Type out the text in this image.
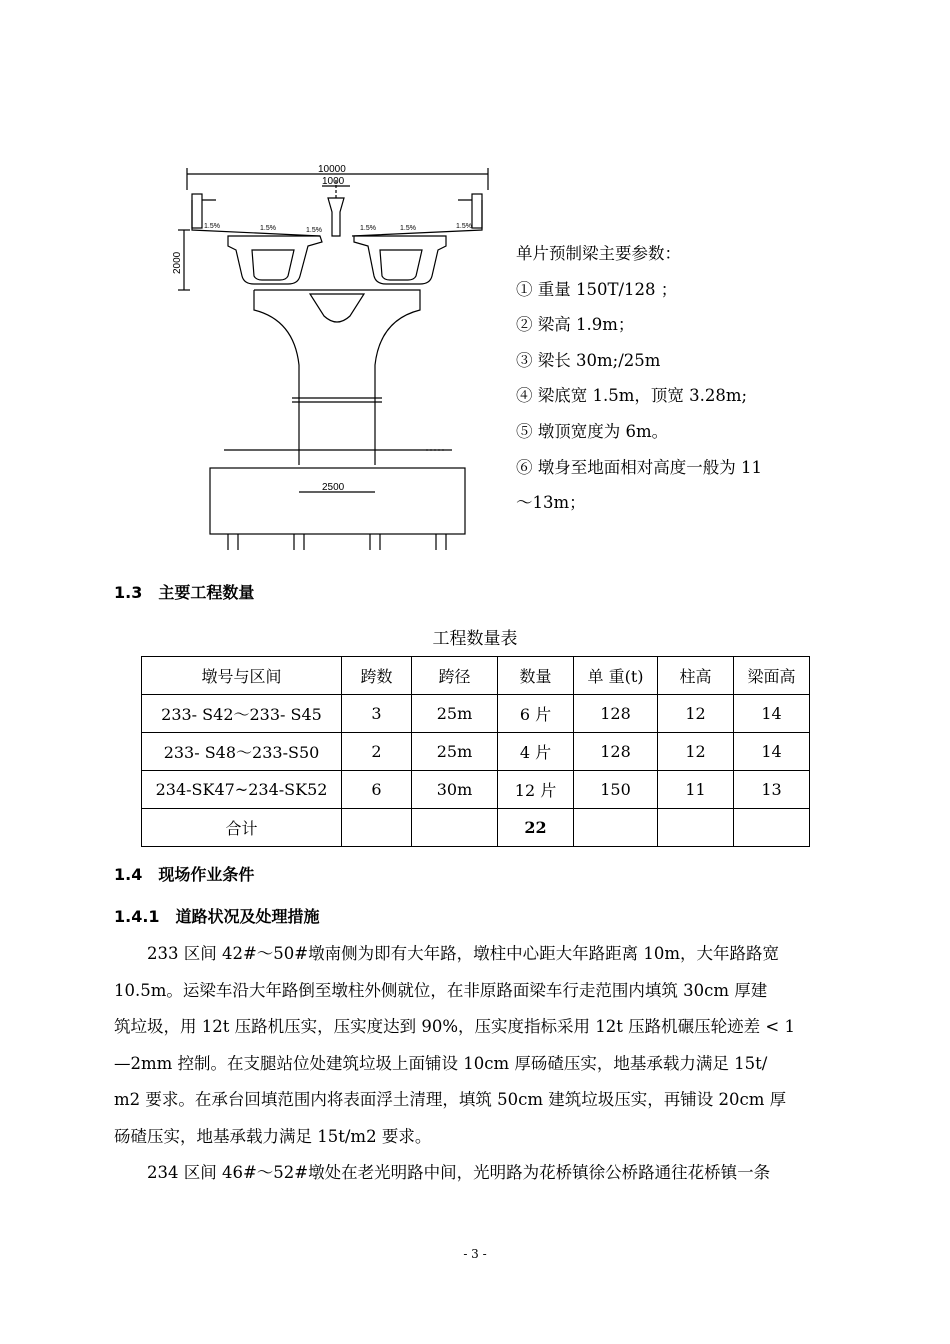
10000
1000
2000
2500
1.5%	1.5%	1.5%	1.5%	1.5%	1.5%
单片预制梁主要参数：
① 重量 150T/128 ；
② 梁高 1.9m；
③ 梁长 30m;/25m
④ 梁底宽 1.5m，顶宽 3.28m;
⑤ 墩顶宽度为 6m。
⑥ 墩身至地面相对高度一般为 11
～13m；
1.3　主要工程数量
工程数量表
墩号与区间	跨数	跨径	数量	单 重(t)	柱高	梁面高
233- S42～233- S45	3	25m	6 片	128	12	14
233- S48～233-S50	2	25m	4 片	128	12	14
234-SK47~234-SK52	6	30m	12 片	150	11	13
合计			22			
1.4　现场作业条件
1.4.1　道路状况及处理措施

233 区间 42#～50#墩南侧为即有大年路，墩柱中心距大年路距离 10m，大年路路宽

10.5m。运梁车沿大年路倒至墩柱外侧就位，在非原路面梁车行走范围内填筑 30cm 厚建

筑垃圾，用 12t 压路机压实，压实度达到 90%，压实度指标采用 12t 压路机碾压轮迹差 < 1

—2mm 控制。在支腿站位处建筑垃圾上面铺设 10cm 厚砀碴压实，地基承载力满足 15t/

m2 要求。在承台回填范围内将表面浮土清理，填筑 50cm 建筑垃圾压实，再铺设 20cm 厚

砀碴压实，地基承载力满足 15t/m2 要求。

234 区间 46#～52#墩处在老光明路中间，光明路为花桥镇徐公桥路通往花桥镇一条

- 3 -
